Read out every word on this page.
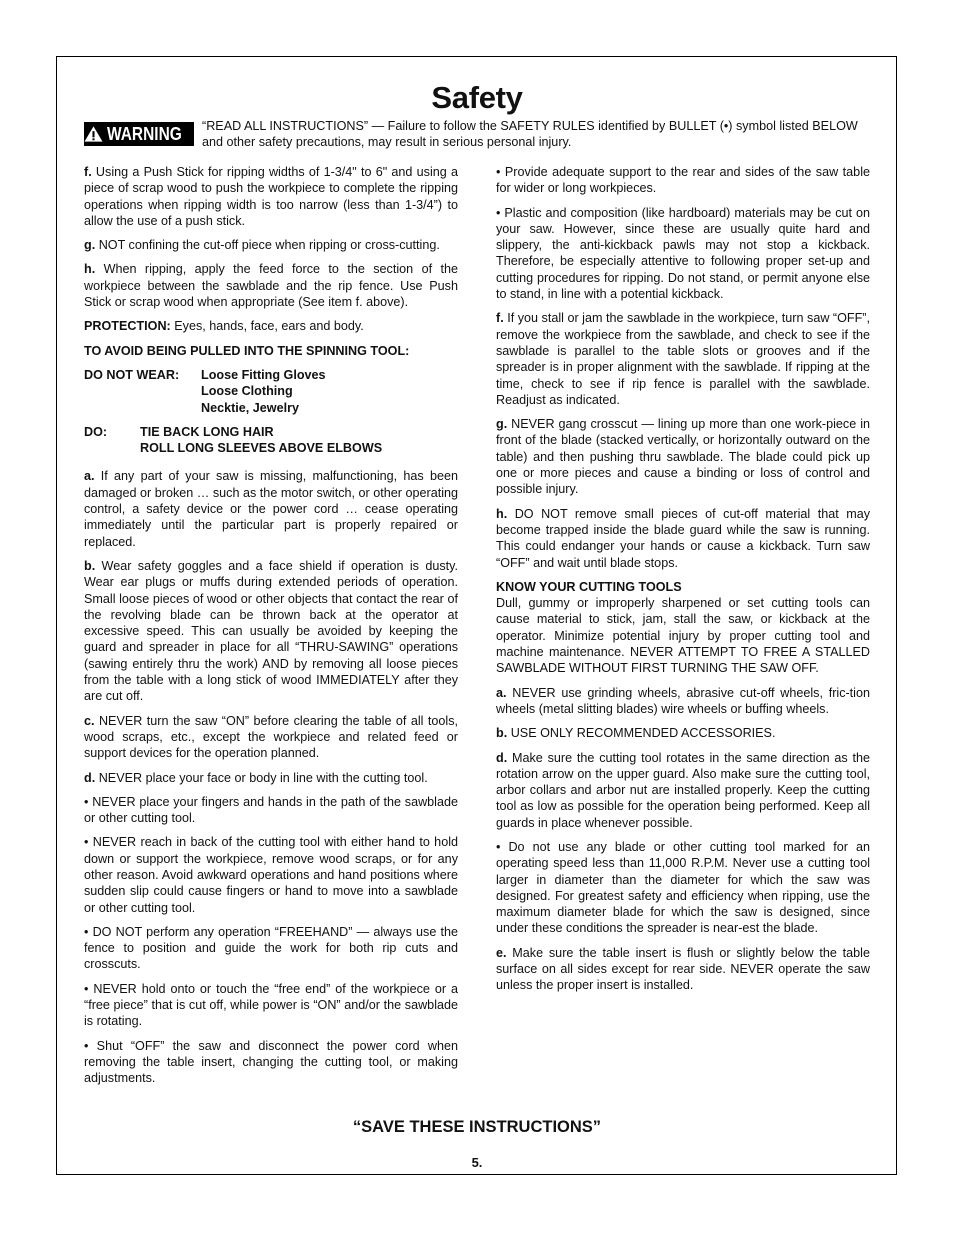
Safety
WARNING “READ ALL INSTRUCTIONS” — Failure to follow the SAFETY RULES identified by BULLET (•) symbol listed BELOW and other safety precautions, may result in serious personal injury.

f. Using a Push Stick for ripping widths of 1-3/4" to 6" and using a piece of scrap wood to push the workpiece to complete the ripping operations when ripping width is too narrow (less than 1-3/4”) to allow the use of a push stick.

g. NOT confining the cut-off piece when ripping or cross-cutting.

h. When ripping, apply the feed force to the section of the workpiece between the sawblade and the rip fence. Use Push Stick or scrap wood when appropriate (See item f. above).

PROTECTION: Eyes, hands, face, ears and body.

TO AVOID BEING PULLED INTO THE SPINNING TOOL:

DO NOT WEAR:	Loose Fitting Gloves
Loose Clothing
Necktie, Jewelry
DO:	TIE BACK LONG HAIR
ROLL LONG SLEEVES ABOVE ELBOWS

a. If any part of your saw is missing, malfunctioning, has been damaged or broken … such as the motor switch, or other operating control, a safety device or the power cord … cease operating immediately until the particular part is properly repaired or replaced.

b. Wear safety goggles and a face shield if operation is dusty. Wear ear plugs or muffs during extended periods of operation. Small loose pieces of wood or other objects that contact the rear of the revolving blade can be thrown back at the operator at excessive speed. This can usually be avoided by keeping the guard and spreader in place for all “THRU-SAWING” operations (sawing entirely thru the work) AND by removing all loose pieces from the table with a long stick of wood IMMEDIATELY after they are cut off.

c. NEVER turn the saw “ON” before clearing the table of all tools, wood scraps, etc., except the workpiece and related feed or support devices for the operation planned.

d. NEVER place your face or body in line with the cutting tool.

• NEVER place your fingers and hands in the path of the sawblade or other cutting tool.

• NEVER reach in back of the cutting tool with either hand to hold down or support the workpiece, remove wood scraps, or for any other reason. Avoid awkward operations and hand positions where sudden slip could cause fingers or hand to move into a sawblade or other cutting tool.

• DO NOT perform any operation “FREEHAND” — always use the fence to position and guide the work for both rip cuts and crosscuts.

• NEVER hold onto or touch the “free end” of the workpiece or a “free piece” that is cut off, while power is “ON” and/or the sawblade is rotating.

• Shut “OFF” the saw and disconnect the power cord when removing the table insert, changing the cutting tool, or making adjustments.

• Provide adequate support to the rear and sides of the saw table for wider or long workpieces.

• Plastic and composition (like hardboard) materials may be cut on your saw. However, since these are usually quite hard and slippery, the anti-kickback pawls may not stop a kickback. Therefore, be especially attentive to following proper set-up and cutting procedures for ripping. Do not stand, or permit anyone else to stand, in line with a potential kickback.

f. If you stall or jam the sawblade in the workpiece, turn saw “OFF”, remove the workpiece from the sawblade, and check to see if the sawblade is parallel to the table slots or grooves and if the spreader is in proper alignment with the sawblade. If ripping at the time, check to see if rip fence is parallel with the sawblade. Readjust as indicated.

g. NEVER gang crosscut — lining up more than one work-piece in front of the blade (stacked vertically, or horizontally outward on the table) and then pushing thru sawblade. The blade could pick up one or more pieces and cause a binding or loss of control and possible injury.

h. DO NOT remove small pieces of cut-off material that may become trapped inside the blade guard while the saw is running. This could endanger your hands or cause a kickback. Turn saw “OFF” and wait until blade stops.

KNOW YOUR CUTTING TOOLS

Dull, gummy or improperly sharpened or set cutting tools can cause material to stick, jam, stall the saw, or kickback at the operator. Minimize potential injury by proper cutting tool and machine maintenance. NEVER ATTEMPT TO FREE A STALLED SAWBLADE WITHOUT FIRST TURNING THE SAW OFF.

a. NEVER use grinding wheels, abrasive cut-off wheels, fric-tion wheels (metal slitting blades) wire wheels or buffing wheels.

b. USE ONLY RECOMMENDED ACCESSORIES.

d. Make sure the cutting tool rotates in the same direction as the rotation arrow on the upper guard. Also make sure the cutting tool, arbor collars and arbor nut are installed properly. Keep the cutting tool as low as possible for the operation being performed. Keep all guards in place whenever possible.

• Do not use any blade or other cutting tool marked for an operating speed less than 11,000 R.P.M. Never use a cutting tool larger in diameter than the diameter for which the saw was designed. For greatest safety and efficiency when ripping, use the maximum diameter blade for which the saw is designed, since under these conditions the spreader is near-est the blade.

e. Make sure the table insert is flush or slightly below the table surface on all sides except for rear side. NEVER operate the saw unless the proper insert is installed.

“SAVE THESE INSTRUCTIONS”
5.
